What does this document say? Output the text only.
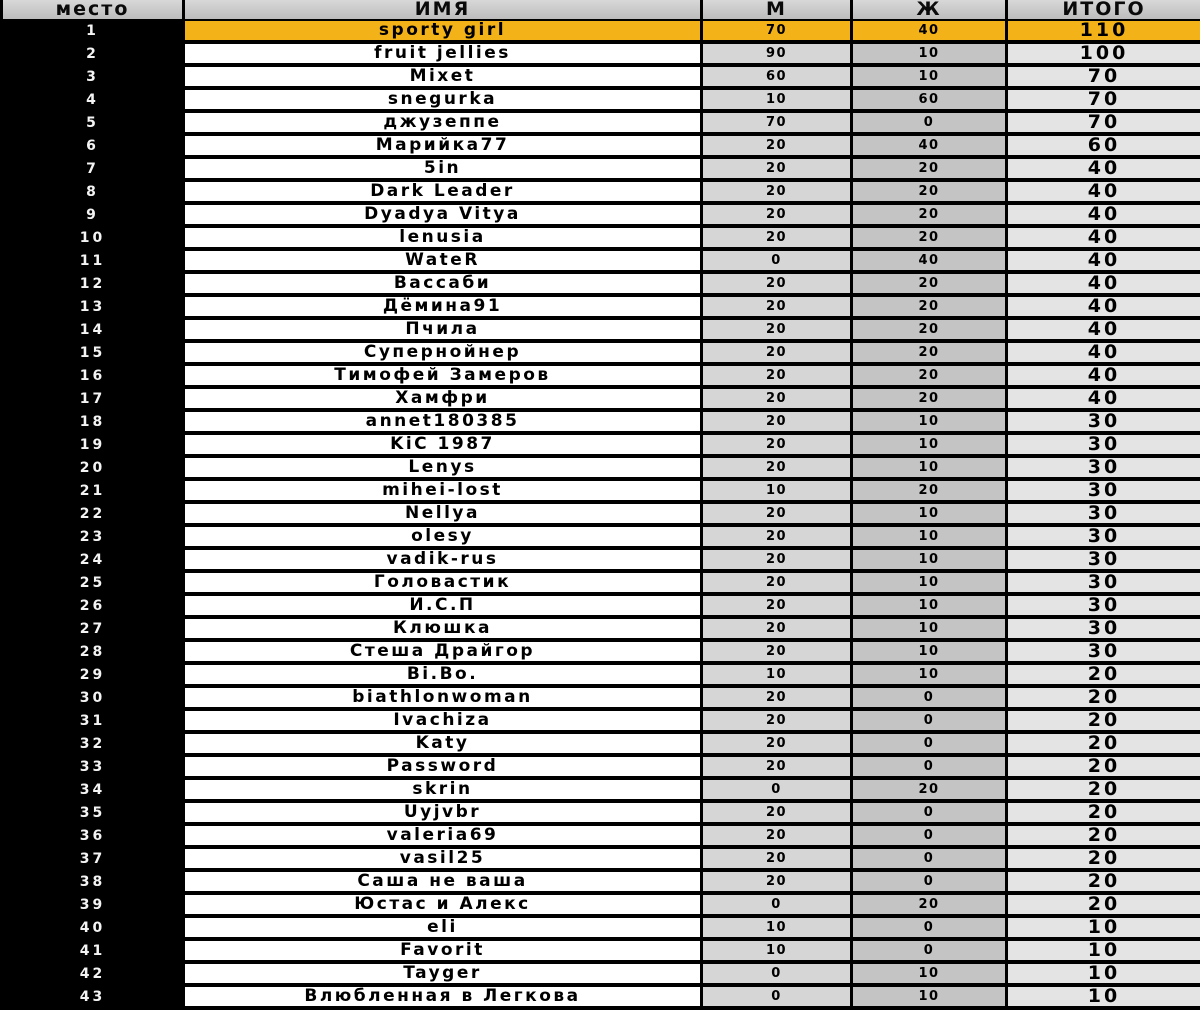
место	ИМЯ	М	Ж	ИТОГО
1	sporty girl	70	40	110
2	fruit jellies	90	10	100
3	Mixet	60	10	70
4	snegurka	10	60	70
5	джузеппе	70	0	70
6	Марийка77	20	40	60
7	5in	20	20	40
8	Dark Leader	20	20	40
9	Dyadya Vitya	20	20	40
10	lenusia	20	20	40
11	WateR	0	40	40
12	Вассаби	20	20	40
13	Дёмина91	20	20	40
14	Пчила	20	20	40
15	Супернойнер	20	20	40
16	Тимофей Замеров	20	20	40
17	Хамфри	20	20	40
18	annet180385	20	10	30
19	KiC 1987	20	10	30
20	Lenys	20	10	30
21	mihei-lost	10	20	30
22	Nellya	20	10	30
23	olesy	20	10	30
24	vadik-rus	20	10	30
25	Головастик	20	10	30
26	И.С.П	20	10	30
27	Клюшка	20	10	30
28	Стеша Драйгор	20	10	30
29	Bi.Bo.	10	10	20
30	biathlonwoman	20	0	20
31	Ivachiza	20	0	20
32	Katy	20	0	20
33	Password	20	0	20
34	skrin	0	20	20
35	Uyjvbr	20	0	20
36	valeria69	20	0	20
37	vasil25	20	0	20
38	Саша не ваша	20	0	20
39	Юстас и Алекс	0	20	20
40	eli	10	0	10
41	Favorit	10	0	10
42	Tayger	0	10	10
43	Влюбленная в Легкова	0	10	10
